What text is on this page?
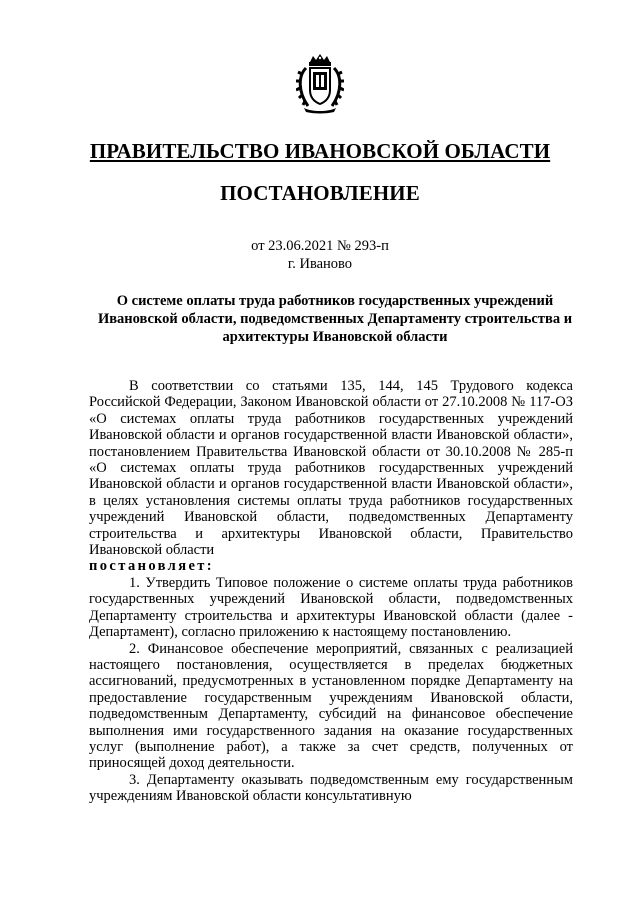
ПРАВИТЕЛЬСТВО ИВАНОВСКОЙ ОБЛАСТИ
ПОСТАНОВЛЕНИЕ
от 23.06.2021 № 293-п
г. Иваново
О системе оплаты труда работников государственных учреждений Ивановской области, подведомственных Департаменту строительства и архитектуры Ивановской области

В соответствии со статьями 135, 144, 145 Трудового кодекса Российской Федерации, Законом Ивановской области от 27.10.2008 № 117-ОЗ «О системах оплаты труда работников государственных учреждений Ивановской области и органов государственной власти Ивановской области», постановлением Правительства Ивановской области от 30.10.2008 № 285-п «О системах оплаты труда работников государственных учреждений Ивановской области и органов государственной власти Ивановской области», в целях установления системы оплаты труда работников государственных учреждений Ивановской области, подведомственных Департаменту строительства и архитектуры Ивановской области, Правительство Ивановской области

постановляет:

1. Утвердить Типовое положение о системе оплаты труда работников государственных учреждений Ивановской области, подведомственных Департаменту строительства и архитектуры Ивановской области (далее - Департамент), согласно приложению к настоящему постановлению.

2. Финансовое обеспечение мероприятий, связанных с реализацией настоящего постановления, осуществляется в пределах бюджетных ассигнований, предусмотренных в установленном порядке Департаменту на предоставление государственным учреждениям Ивановской области, подведомственным Департаменту, субсидий на финансовое обеспечение выполнения ими государственного задания на оказание государственных услуг (выполнение работ), а также за счет средств, полученных от приносящей доход деятельности.

3. Департаменту оказывать подведомственным ему государственным учреждениям Ивановской области консультативную
